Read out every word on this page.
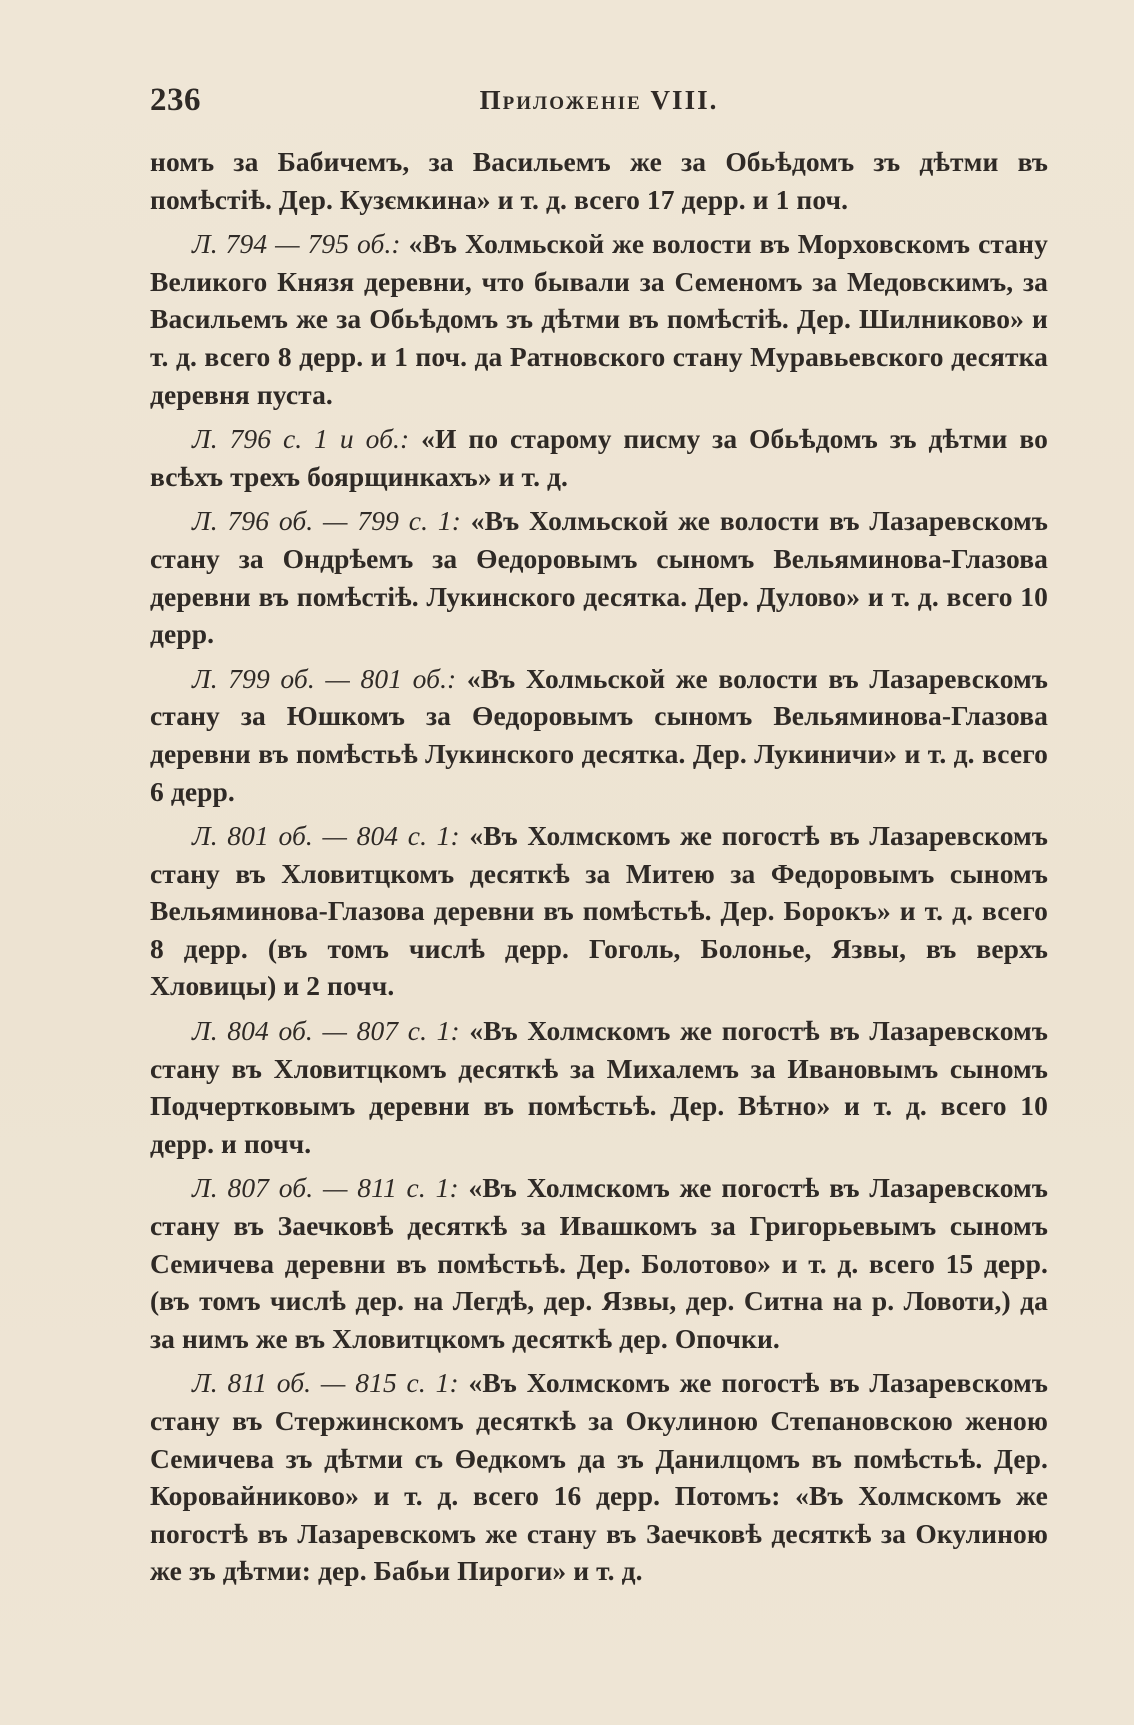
236	Приложеніе VIII.

номъ за Бабичемъ, за Васильемъ же за Обьѣдомъ зъ дѣтми въ помѣстіѣ. Дер. Кузємкина» и т. д. всего 17 дерр. и 1 поч.

Л. 794 — 795 об.: «Въ Холмьской же волости въ Морховскомъ стану Великого Князя деревни, что бывали за Семеномъ за Медовскимъ, за Васильемъ же за Обьѣдомъ зъ дѣтми въ помѣстіѣ. Дер. Шилниково» и т. д. всего 8 дерр. и 1 поч. да Ратновского стану Муравьевского десятка деревня пуста.

Л. 796 с. 1 и об.: «И по старому писму за Обьѣдомъ зъ дѣтми во всѣхъ трехъ боярщинкахъ» и т. д.

Л. 796 об. — 799 с. 1: «Въ Холмьской же волости въ Лазаревскомъ стану за Ондрѣемъ за Өедоровымъ сыномъ Вельяминова-Глазова деревни въ помѣстіѣ. Лукинского десятка. Дер. Дулово» и т. д. всего 10 дерр.

Л. 799 об. — 801 об.: «Въ Холмьской же волости въ Лазаревскомъ стану за Юшкомъ за Өедоровымъ сыномъ Вельяминова-Глазова деревни въ помѣстьѣ Лукинского десятка. Дер. Лукиничи» и т. д. всего 6 дерр.

Л. 801 об. — 804 с. 1: «Въ Холмскомъ же погостѣ въ Лазаревскомъ стану въ Хловитцкомъ десяткѣ за Митею за Федоровымъ сыномъ Вельяминова-Глазова деревни въ помѣстьѣ. Дер. Борокъ» и т. д. всего 8 дерр. (въ томъ числѣ дерр. Гоголь, Болонье, Язвы, въ верхъ Хловицы) и 2 почч.

Л. 804 об. — 807 с. 1: «Въ Холмскомъ же погостѣ въ Лазаревскомъ стану въ Хловитцкомъ десяткѣ за Михалемъ за Ивановымъ сыномъ Подчертковымъ деревни въ помѣстьѣ. Дер. Вѣтно» и т. д. всего 10 дерр. и почч.

Л. 807 об. — 811 с. 1: «Въ Холмскомъ же погостѣ въ Лазаревскомъ стану въ Заечковѣ десяткѣ за Ивашкомъ за Григорьевымъ сыномъ Семичева деревни въ помѣстьѣ. Дер. Болотово» и т. д. всего 15 дерр. (въ томъ числѣ дер. на Легдѣ, дер. Язвы, дер. Ситна на р. Ловоти,) да за нимъ же въ Хловитцкомъ десяткѣ дер. Опочки.

Л. 811 об. — 815 с. 1: «Въ Холмскомъ же погостѣ въ Лазаревскомъ стану въ Стержинскомъ десяткѣ за Окулиною Степановскою женою Семичева зъ дѣтми съ Өедкомъ да зъ Данилцомъ въ помѣстьѣ. Дер. Коровайниково» и т. д. всего 16 дерр. Потомъ: «Въ Холмскомъ же погостѣ въ Лазаревскомъ же стану въ Заечковѣ десяткѣ за Окулиною же зъ дѣтми: дер. Бабьи Пироги» и т. д.
